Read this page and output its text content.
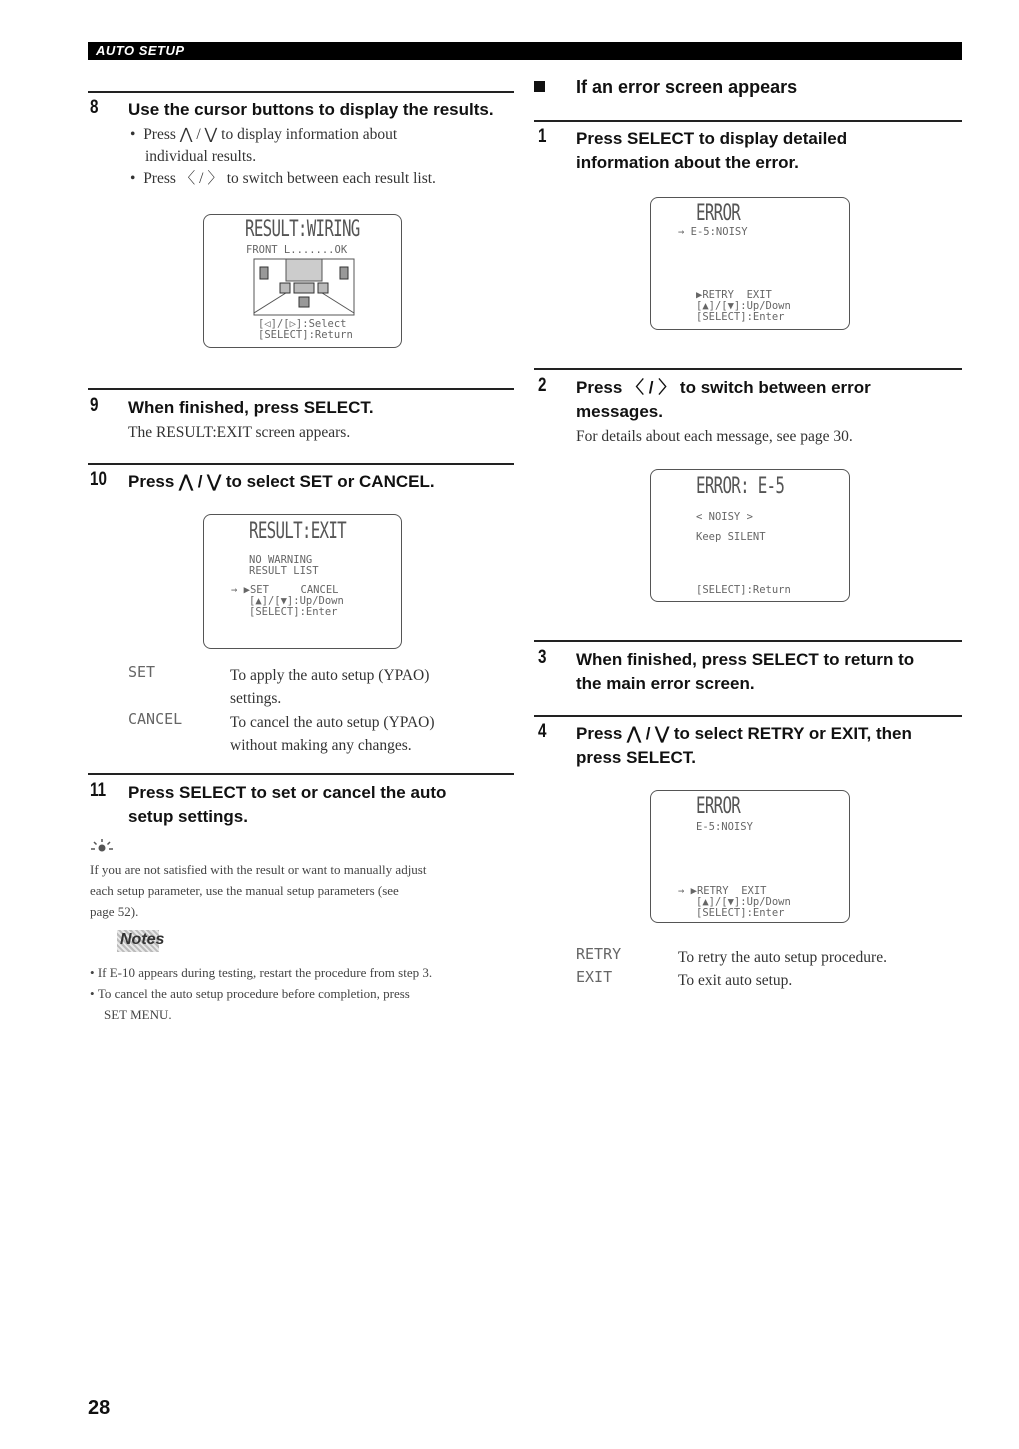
AUTO SETUP
8 Use the cursor buttons to display the results.
•  Press ⋀ / ⋁ to display information about
individual results.
•  Press 〈 / 〉 to switch between each result list.
RESULT:WIRING
FRONT L.......OK
[◁]/[▷]:Select
[SELECT]:Return
9 When finished, press SELECT.
The RESULT:EXIT screen appears.
10 Press ⋀ / ⋁ to select SET or CANCEL.
RESULT:EXIT
NO WARNING
RESULT LIST
→ ▶SET     CANCEL
[▲]/[▼]:Up/Down
[SELECT]:Enter
SET	To apply the auto setup (YPAO)
settings.
CANCEL	To cancel the auto setup (YPAO)
without making any changes.
11 Press SELECT to set or cancel the auto
setup settings.
If you are not satisfied with the result or want to manually adjust
each setup parameter, use the manual setup parameters (see
page 52).
Notes
• If E-10 appears during testing, restart the procedure from step 3.
• To cancel the auto setup procedure before completion, press
SET MENU.
If an error screen appears
1 Press SELECT to display detailed
information about the error.
ERROR
→ E-5:NOISY
▶RETRY  EXIT
[▲]/[▼]:Up/Down
[SELECT]:Enter
2 Press 〈 / 〉 to switch between error
messages.
For details about each message, see page 30.
ERROR: E-5
< NOISY >
Keep SILENT
[SELECT]:Return
3 When finished, press SELECT to return to
the main error screen.
4 Press ⋀ / ⋁ to select RETRY or EXIT, then
press SELECT.
ERROR
E-5:NOISY
→ ▶RETRY  EXIT
[▲]/[▼]:Up/Down
[SELECT]:Enter
RETRY	To retry the auto setup procedure.
EXIT	To exit auto setup.
28
